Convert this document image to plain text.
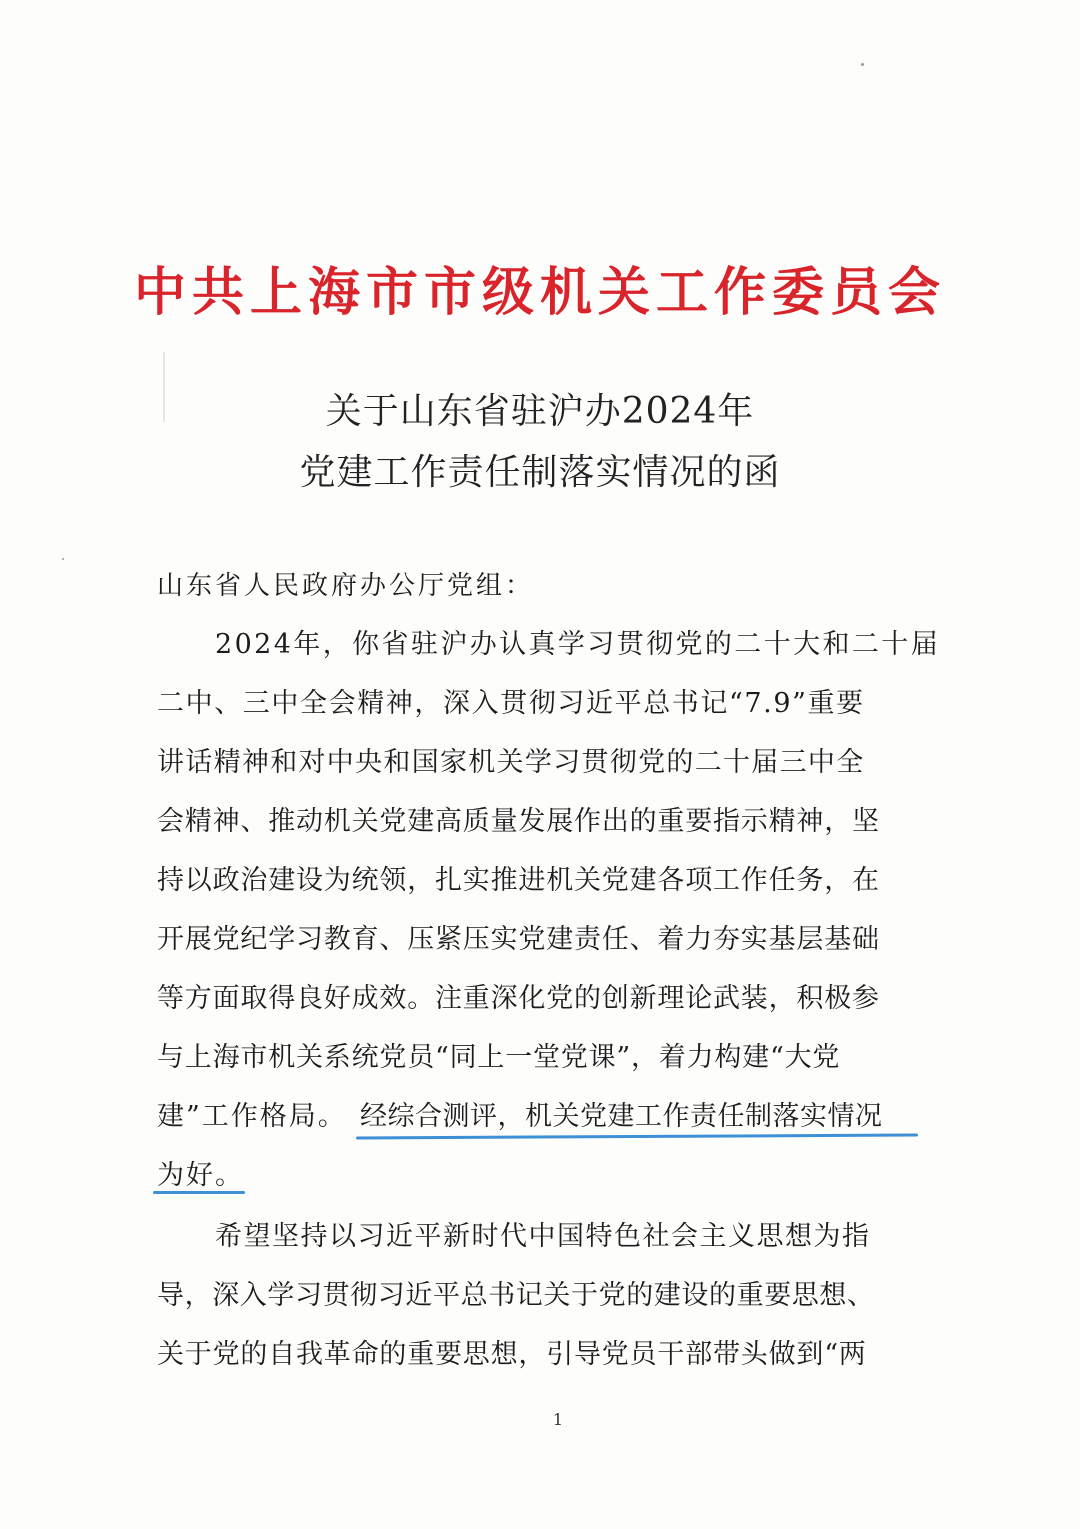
中共上海市市级机关工作委员会
关于山东省驻沪办2024年
党建工作责任制落实情况的函
山东省人民政府办公厅党组：
2024年，你省驻沪办认真学习贯彻党的二十大和二十届
二中、三中全会精神，深入贯彻习近平总书记“7.9”重要
讲话精神和对中央和国家机关学习贯彻党的二十届三中全
会精神、推动机关党建高质量发展作出的重要指示精神，坚
持以政治建设为统领，扎实推进机关党建各项工作任务，在
开展党纪学习教育、压紧压实党建责任、着力夯实基层基础
等方面取得良好成效。注重深化党的创新理论武装，积极参
与上海市机关系统党员“同上一堂党课”，着力构建“大党
建”工作格局。 经综合测评，机关党建工作责任制落实情况
为好。
希望坚持以习近平新时代中国特色社会主义思想为指
导，深入学习贯彻习近平总书记关于党的建设的重要思想、
关于党的自我革命的重要思想，引导党员干部带头做到“两
1
